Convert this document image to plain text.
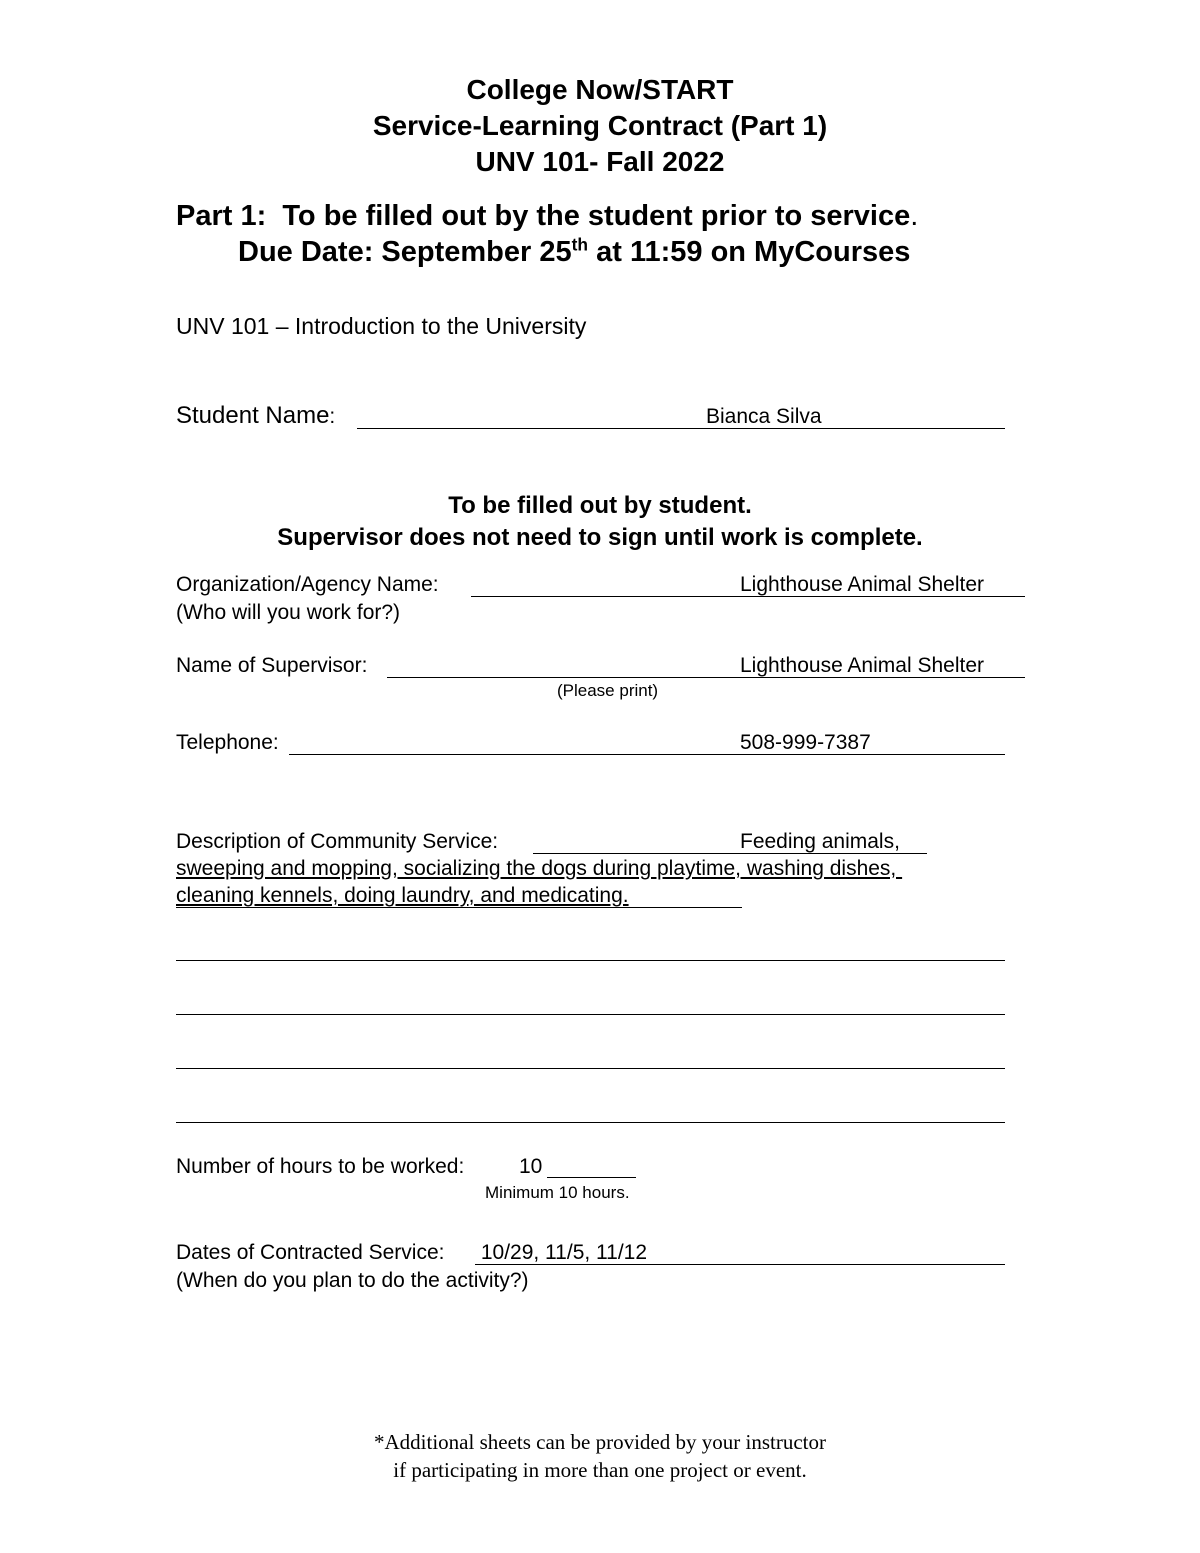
College Now/START
Service-Learning Contract (Part 1)
UNV 101- Fall 2022
Part 1:  To be filled out by the student prior to service.
Due Date: September 25th at 11:59 on MyCourses
UNV 101 – Introduction to the University
Student Name:	Bianca Silva
To be filled out by student.
Supervisor does not need to sign until work is complete.
Organization/Agency Name:	Lighthouse Animal Shelter
(Who will you work for?)
Name of Supervisor:	Lighthouse Animal Shelter
(Please print)
Telephone:	508-999-7387
Description of Community Service:	Feeding animals,
sweeping and mopping, socializing the dogs during playtime, washing dishes,
cleaning kennels, doing laundry, and medicating.
Number of hours to be worked: 10
Minimum 10 hours.
Dates of Contracted Service: 10/29, 11/5, 11/12
(When do you plan to do the activity?)
*Additional sheets can be provided by your instructor
if participating in more than one project or event.
